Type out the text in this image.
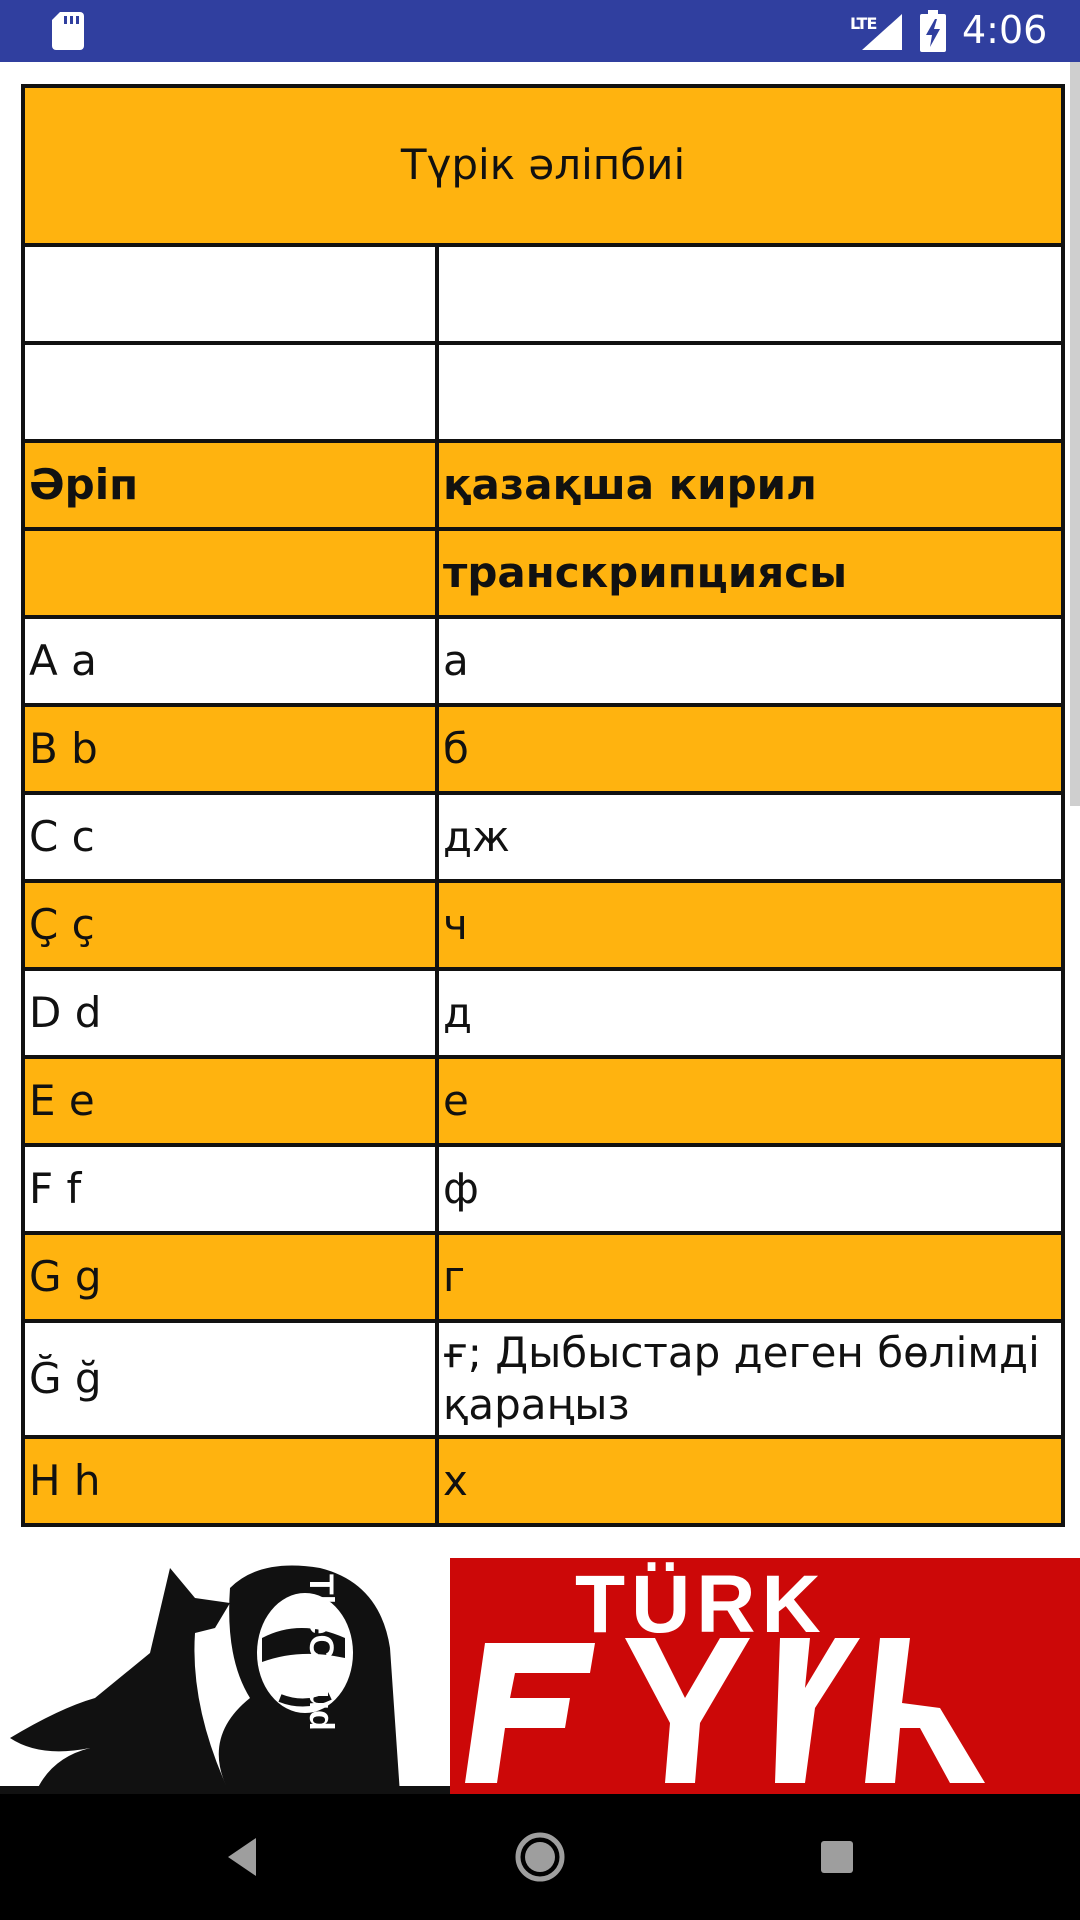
LTE 4:06
Түрік әліпбиі	

Әріп	қазақша кирил
	транскрипциясы
A a	а
B b	б
C c	дж
Ç ç	ч
D d	д
E e	е
F f	ф
G g	г
Ğ ğ	ғ; Дыбыстар деген бөлімді қараңыз
H h	х
TheCloud	TÜRK
